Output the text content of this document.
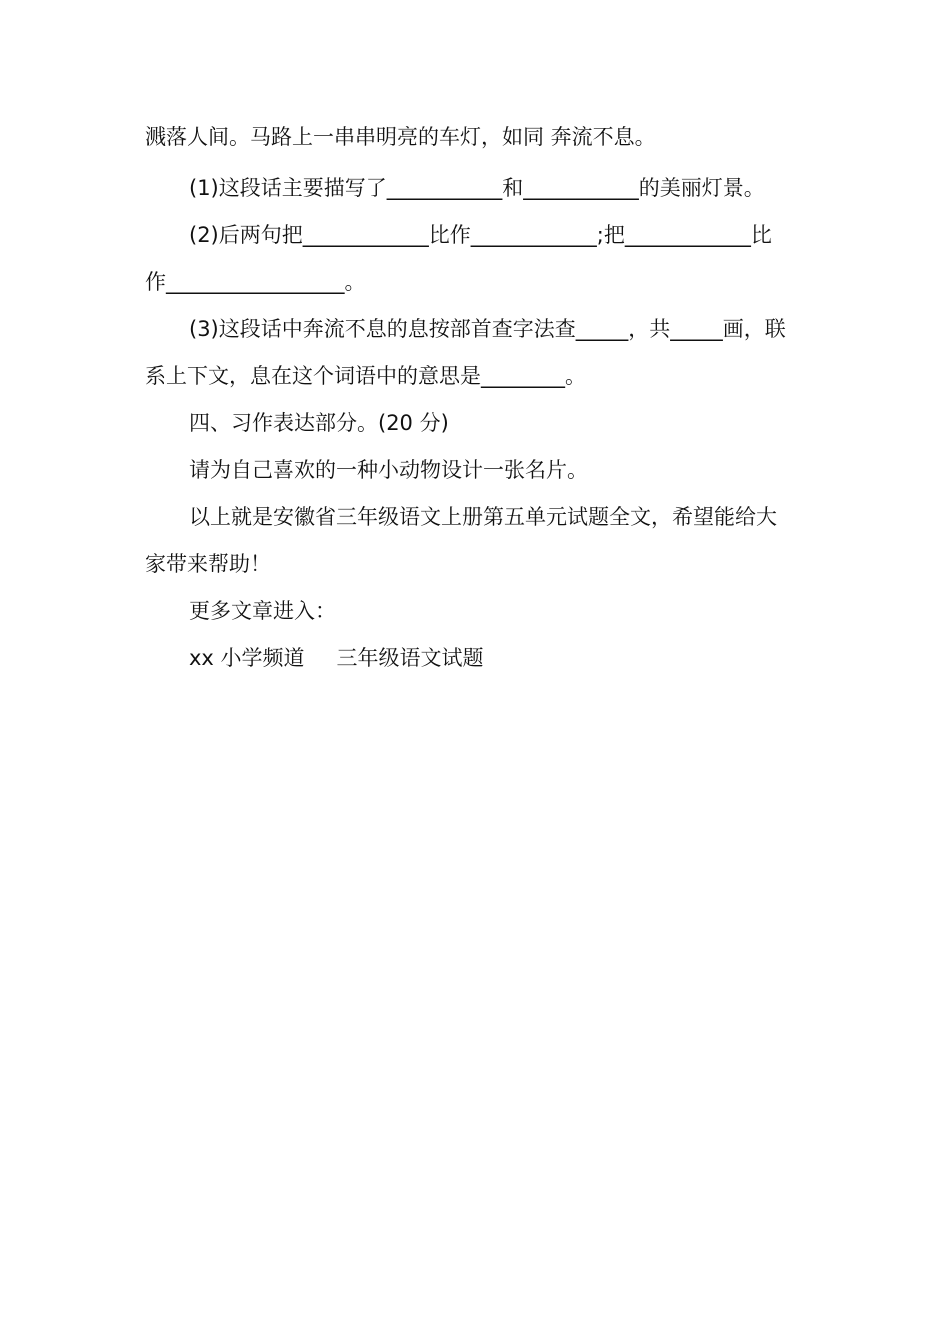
溅落人间。马路上一串串明亮的车灯，如同 奔流不息。
(1)这段话主要描写了___________和___________的美丽灯景。
(2)后两句把____________比作____________;把____________比
作_________________。
(3)这段话中奔流不息的息按部首查字法查_____，共_____画，联
系上下文，息在这个词语中的意思是________。
四、习作表达部分。(20 分)
请为自己喜欢的一种小动物设计一张名片。
以上就是安徽省三年级语文上册第五单元试题全文，希望能给大
家带来帮助！
更多文章进入：
xx 小学频道 三年级语文试题
